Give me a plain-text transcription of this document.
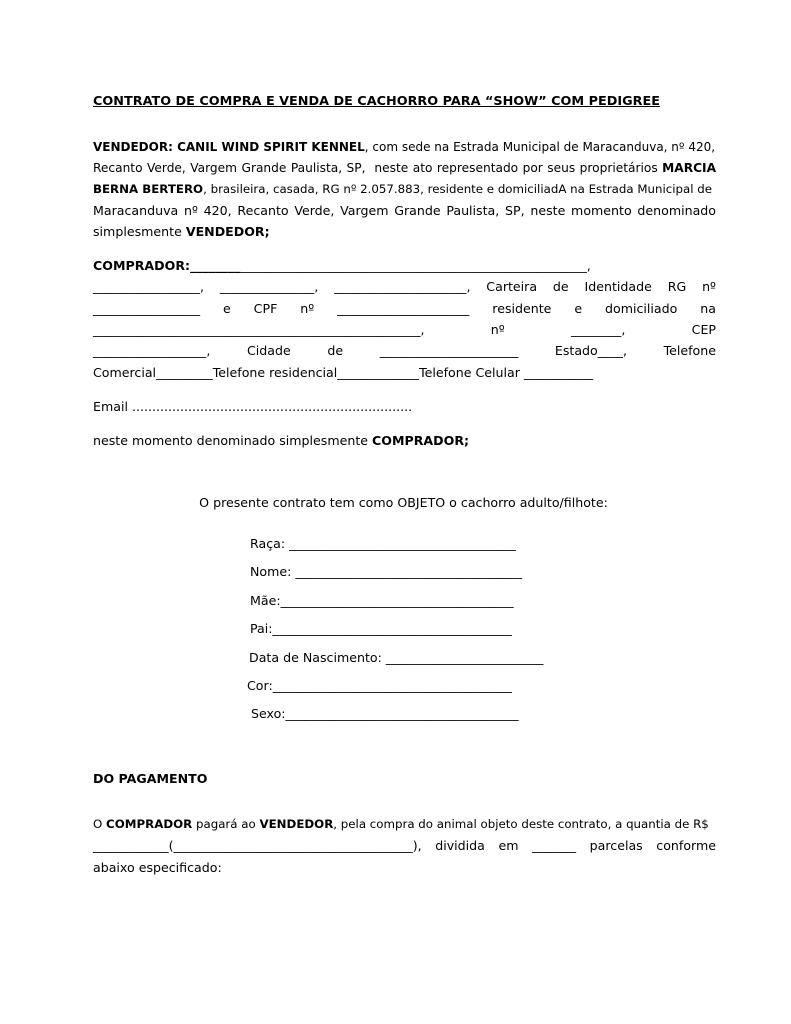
CONTRATO DE COMPRA E VENDA DE CACHORRO PARA “SHOW” COM PEDIGREE
VENDEDOR: CANIL WIND SPIRIT KENNEL, com sede na Estrada Municipal de Maracanduva, nº 420,
Recanto Verde, Vargem Grande Paulista, SP,  neste ato representado por seus proprietários MARCIA
BERNA BERTERO, brasileira, casada, RG nº 2.057.883, residente e domiciliadA na Estrada Municipal de
Maracanduva nº 420, Recanto Verde, Vargem Grande Paulista, SP, neste momento denominado
simplesmente VENDEDOR;
COMPRADOR:_______________________________________________________________,
_________________,  _______________,  _____________________,  Carteira  de  Identidade  RG  nº
_________________   e   CPF   nº   _____________________   residente   e   domiciliado   na
____________________________________________________,   nº   ________,   CEP
__________________,   Cidade   de   ______________________   Estado____,   Telefone
Comercial_________Telefone residencial_____________Telefone Celular ___________
Email ......................................................................
neste momento denominado simplesmente COMPRADOR;
O presente contrato tem como OBJETO o cachorro adulto/filhote:
Raça: ____________________________________
Nome: ____________________________________
Mãe:_____________________________________
Pai:______________________________________
Data de Nascimento: _________________________
Cor:______________________________________
Sexo:_____________________________________
DO PAGAMENTO
O COMPRADOR pagará ao VENDEDOR, pela compra do animal objeto deste contrato, a quantia de R$
____________(______________________________________), dividida em _______ parcelas conforme
abaixo especificado:
